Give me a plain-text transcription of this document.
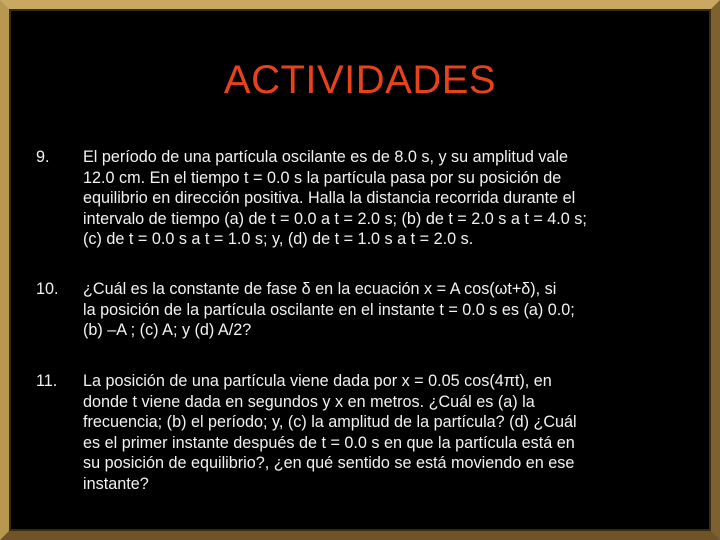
ACTIVIDADES
9. El período de una partícula oscilante es de 8.0 s, y su amplitud vale
12.0 cm. En el tiempo t = 0.0 s la partícula pasa por su posición de
equilibrio en dirección positiva. Halla la distancia recorrida durante el
intervalo de tiempo (a) de t = 0.0 a t = 2.0 s; (b) de t = 2.0 s a t = 4.0 s;
(c) de t = 0.0 s a t = 1.0 s; y, (d) de t = 1.0 s a t = 2.0 s.
10. ¿Cuál es la constante de fase δ en la ecuación x = A cos(ωt+δ), si
la posición de la partícula oscilante en el instante t = 0.0 s es (a) 0.0;
(b) –A ; (c) A; y (d) A/2?
11. La posición de una partícula viene dada por x = 0.05 cos(4πt), en
donde t viene dada en segundos y x en metros. ¿Cuál es (a) la
frecuencia; (b) el período; y, (c) la amplitud de la partícula? (d) ¿Cuál
es el primer instante después de t = 0.0 s en que la partícula está en
su posición de equilibrio?, ¿en qué sentido se está moviendo en ese
instante?
